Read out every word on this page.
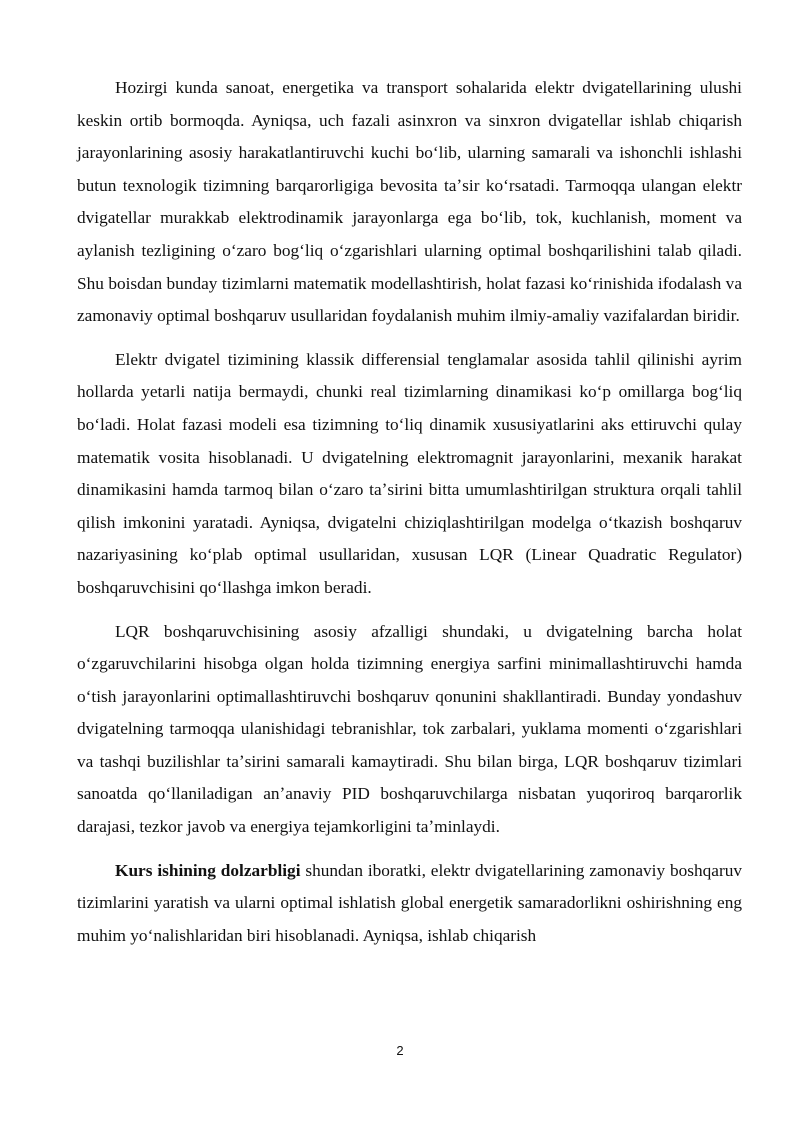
Hozirgi kunda sanoat, energetika va transport sohalarida elektr dvigatellarining ulushi keskin ortib bormoqda. Ayniqsa, uch fazali asinxron va sinxron dvigatellar ishlab chiqarish jarayonlarining asosiy harakatlantiruvchi kuchi boʻlib, ularning samarali va ishonchli ishlashi butun texnologik tizimning barqarorligiga bevosita taʼsir koʻrsatadi. Tarmoqqa ulangan elektr dvigatellar murakkab elektrodinamik jarayonlarga ega boʻlib, tok, kuchlanish, moment va aylanish tezligining oʻzaro bogʻliq oʻzgarishlari ularning optimal boshqarilishini talab qiladi. Shu boisdan bunday tizimlarni matematik modellashtirish, holat fazasi koʻrinishida ifodalash va zamonaviy optimal boshqaruv usullaridan foydalanish muhim ilmiy-amaliy vazifalardan biridir.

Elektr dvigatel tizimining klassik differensial tenglamalar asosida tahlil qilinishi ayrim hollarda yetarli natija bermaydi, chunki real tizimlarning dinamikasi koʻp omillarga bogʻliq boʻladi. Holat fazasi modeli esa tizimning toʻliq dinamik xususiyatlarini aks ettiruvchi qulay matematik vosita hisoblanadi. U dvigatelning elektromagnit jarayonlarini, mexanik harakat dinamikasini hamda tarmoq bilan oʻzaro taʼsirini bitta umumlashtirilgan struktura orqali tahlil qilish imkonini yaratadi. Ayniqsa, dvigatelni chiziqlashtirilgan modelga oʻtkazish boshqaruv nazariyasining koʻplab optimal usullaridan, xususan LQR (Linear Quadratic Regulator) boshqaruvchisini qoʻllashga imkon beradi.

LQR boshqaruvchisining asosiy afzalligi shundaki, u dvigatelning barcha holat oʻzgaruvchilarini hisobga olgan holda tizimning energiya sarfini minimallashtiruvchi hamda oʻtish jarayonlarini optimallashtiruvchi boshqaruv qonunini shakllantiradi. Bunday yondashuv dvigatelning tarmoqqa ulanishidagi tebranishlar, tok zarbalari, yuklama momenti oʻzgarishlari va tashqi buzilishlar taʼsirini samarali kamaytiradi. Shu bilan birga, LQR boshqaruv tizimlari sanoatda qoʻllaniladigan anʼanaviy PID boshqaruvchilarga nisbatan yuqoriroq barqarorlik darajasi, tezkor javob va energiya tejamkorligini taʼminlaydi.

Kurs ishining dolzarbligi shundan iboratki, elektr dvigatellarining zamonaviy boshqaruv tizimlarini yaratish va ularni optimal ishlatish global energetik samaradorlikni oshirishning eng muhim yoʻnalishlaridan biri hisoblanadi. Ayniqsa, ishlab chiqarish

2
